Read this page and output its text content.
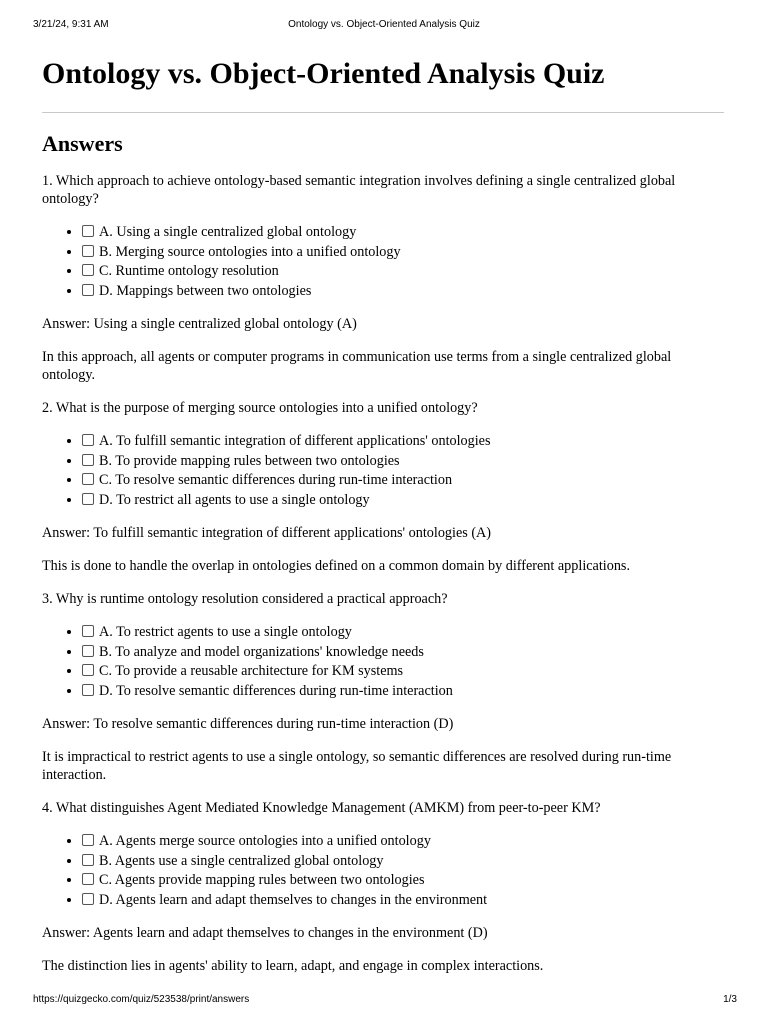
3/21/24, 9:31 AM	Ontology vs. Object-Oriented Analysis Quiz
Ontology vs. Object-Oriented Analysis Quiz
Answers

1. Which approach to achieve ontology-based semantic integration involves defining a single centralized global ontology?

• A. Using a single centralized global ontology
• B. Merging source ontologies into a unified ontology
• C. Runtime ontology resolution
• D. Mappings between two ontologies

Answer: Using a single centralized global ontology (A)

In this approach, all agents or computer programs in communication use terms from a single centralized global ontology.

2. What is the purpose of merging source ontologies into a unified ontology?

• A. To fulfill semantic integration of different applications' ontologies
• B. To provide mapping rules between two ontologies
• C. To resolve semantic differences during run-time interaction
• D. To restrict all agents to use a single ontology

Answer: To fulfill semantic integration of different applications' ontologies (A)

This is done to handle the overlap in ontologies defined on a common domain by different applications.

3. Why is runtime ontology resolution considered a practical approach?

• A. To restrict agents to use a single ontology
• B. To analyze and model organizations' knowledge needs
• C. To provide a reusable architecture for KM systems
• D. To resolve semantic differences during run-time interaction

Answer: To resolve semantic differences during run-time interaction (D)

It is impractical to restrict agents to use a single ontology, so semantic differences are resolved during run-time interaction.

4. What distinguishes Agent Mediated Knowledge Management (AMKM) from peer-to-peer KM?

• A. Agents merge source ontologies into a unified ontology
• B. Agents use a single centralized global ontology
• C. Agents provide mapping rules between two ontologies
• D. Agents learn and adapt themselves to changes in the environment

Answer: Agents learn and adapt themselves to changes in the environment (D)

The distinction lies in agents' ability to learn, adapt, and engage in complex interactions.

https://quizgecko.com/quiz/523538/print/answers	1/3
